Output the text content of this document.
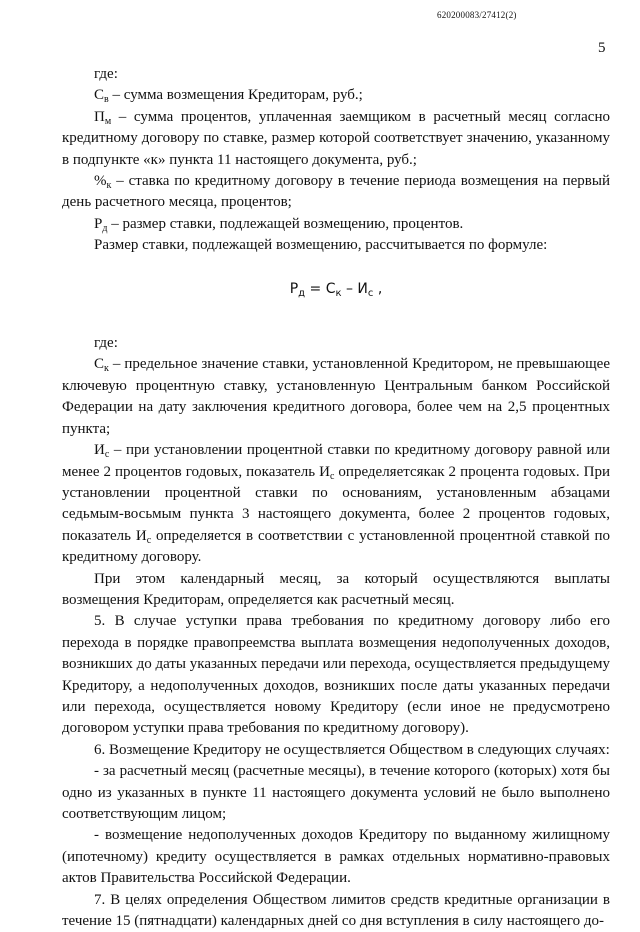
620200083/27412(2)
5

где:

$С_в$ – сумма возмещения Кредиторам, руб.;

$П_м$ – сумма процентов, уплаченная заемщиком в расчетный месяц согласно кредитному договору по ставке, размер которой соответствует значению, указанному в подпункте «к» пункта 11 настоящего документа, руб.;

$\%_к$ – ставка по кредитному договору в течение периода возмещения на первый день расчетного месяца, процентов;

$Р_д$ – размер ставки, подлежащей возмещению, процентов.

Размер ставки, подлежащей возмещению, рассчитывается по формуле:

$Р_д = С_к - И_с$ ,

где:

$С_к$ – предельное значение ставки, установленной Кредитором, не превышающее ключевую процентную ставку, установленную Центральным банком Российской Федерации на дату заключения кредитного договора, более чем на 2,5 процентных пункта;

$И_с$ – при установлении процентной ставки по кредитному договору равной или менее 2 процентов годовых, показатель $И_с$ определяетсякак 2 процента годовых. При установлении процентной ставки по основаниям, установленным абзацами седьмым-восьмым пункта 3 настоящего документа, более 2 процентов годовых, показатель $И_с$ определяется в соответствии с установленной процентной ставкой по кредитному договору.

При этом календарный месяц, за который осуществляются выплаты возмещения Кредиторам, определяется как расчетный месяц.

5. В случае уступки права требования по кредитному договору либо его перехода в порядке правопреемства выплата возмещения недополученных доходов, возникших до даты указанных передачи или перехода, осуществляется предыдущему Кредитору, а недополученных доходов, возникших после даты указанных передачи или перехода, осуществляется новому Кредитору (если иное не предусмотрено договором уступки права требования по кредитному договору).

6. Возмещение Кредитору не осуществляется Обществом в следующих случаях:

- за расчетный месяц (расчетные месяцы), в течение которого (которых) хотя бы одно из указанных в пункте 11 настоящего документа условий не было выполнено соответствующим лицом;

- возмещение недополученных доходов Кредитору по выданному жилищному (ипотечному) кредиту осуществляется в рамках отдельных нормативно-правовых актов Правительства Российской Федерации.

7. В целях определения Обществом лимитов средств кредитные организации в течение 15 (пятнадцати) календарных дней со дня вступления в силу настоящего до-
